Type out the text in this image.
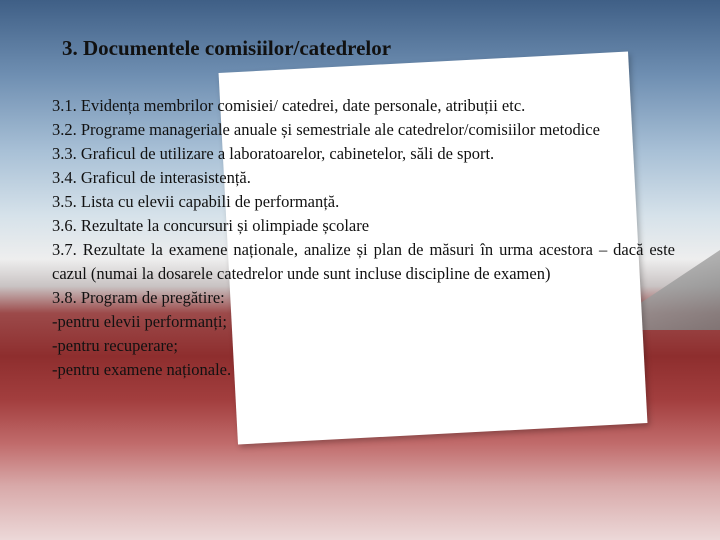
3. Documentele comisiilor/catedrelor

3.1. Evidența membrilor comisiei/ catedrei, date personale, atribuții etc.

3.2. Programe manageriale anuale și semestriale ale catedrelor/comisiilor metodice

3.3. Graficul de utilizare a laboratoarelor, cabinetelor, săli de sport.

3.4. Graficul de interasistență.

3.5. Lista cu elevii capabili de performanță.

3.6. Rezultate la concursuri și olimpiade școlare

3.7. Rezultate la examene naționale, analize și plan de măsuri în urma acestora – dacă este cazul (numai la dosarele catedrelor unde sunt incluse discipline de examen)

3.8. Program de pregătire:

-pentru elevii performanți;

-pentru recuperare;

-pentru examene naționale.
